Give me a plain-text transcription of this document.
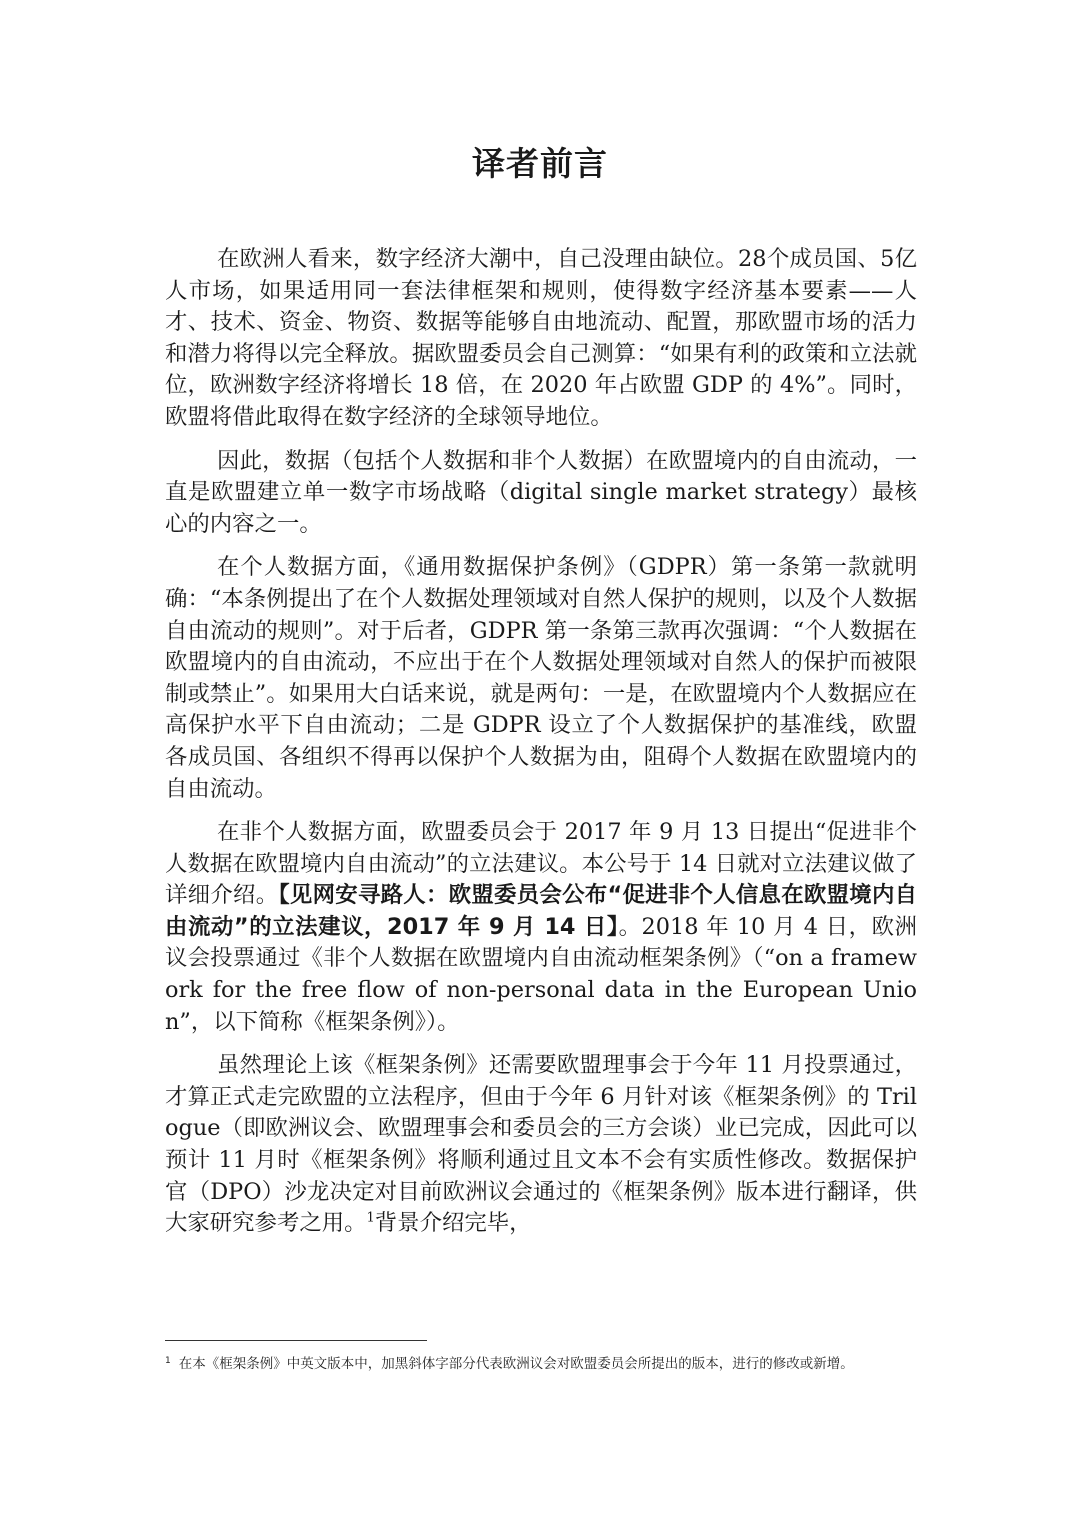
译者前言

在欧洲人看来，数字经济大潮中，自己没理由缺位。28个成员国、5亿人市场，如果适用同一套法律框架和规则，使得数字经济基本要素——人才、技术、资金、物资、数据等能够自由地流动、配置，那欧盟市场的活力和潜力将得以完全释放。据欧盟委员会自己测算：“如果有利的政策和立法就位，欧洲数字经济将增长 18 倍，在 2020 年占欧盟 GDP 的 4%”。同时，欧盟将借此取得在数字经济的全球领导地位。

因此，数据（包括个人数据和非个人数据）在欧盟境内的自由流动，一直是欧盟建立单一数字市场战略（digital single market strategy）最核心的内容之一。

在个人数据方面，《通用数据保护条例》（GDPR）第一条第一款就明确：“本条例提出了在个人数据处理领域对自然人保护的规则，以及个人数据自由流动的规则”。对于后者，GDPR 第一条第三款再次强调：“个人数据在欧盟境内的自由流动，不应出于在个人数据处理领域对自然人的保护而被限制或禁止”。如果用大白话来说，就是两句：一是，在欧盟境内个人数据应在高保护水平下自由流动；二是 GDPR 设立了个人数据保护的基准线，欧盟各成员国、各组织不得再以保护个人数据为由，阻碍个人数据在欧盟境内的自由流动。

在非个人数据方面，欧盟委员会于 2017 年 9 月 13 日提出“促进非个人数据在欧盟境内自由流动”的立法建议。本公号于 14 日就对立法建议做了详细介绍。【见网安寻路人：欧盟委员会公布“促进非个人信息在欧盟境内自由流动”的立法建议，2017 年 9 月 14 日】。2018 年 10 月 4 日，欧洲议会投票通过《非个人数据在欧盟境内自由流动框架条例》（“on a framework for the free flow of non-personal data in the European Union”，以下简称《框架条例》）。

虽然理论上该《框架条例》还需要欧盟理事会于今年 11 月投票通过，才算正式走完欧盟的立法程序，但由于今年 6 月针对该《框架条例》的 Trilogue（即欧洲议会、欧盟理事会和委员会的三方会谈）业已完成，因此可以预计 11 月时《框架条例》将顺利通过且文本不会有实质性修改。数据保护官（DPO）沙龙决定对目前欧洲议会通过的《框架条例》版本进行翻译，供大家研究参考之用。$^1$背景介绍完毕，

$^1$ 在本《框架条例》中英文版本中，加黑斜体字部分代表欧洲议会对欧盟委员会所提出的版本，进行的修改或新增。
